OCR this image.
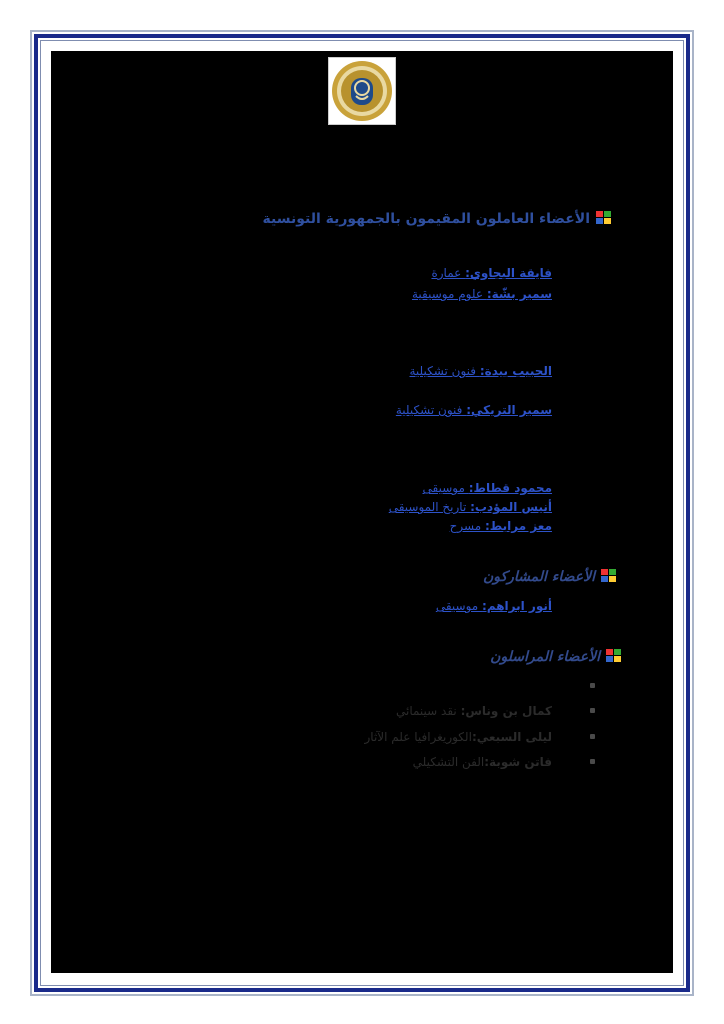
الأعضاء العاملون المقيمون بالجمهورية التونسية
فايقة البجاوي: عمارة
سمير بشّة: علوم موسيقية
الحبيب بيدة: فنون تشكيلية
سمير التريكي: فنون تشكيلية
محمود قطاط: موسيقى
أنيس المؤدب: تاريخ الموسيقى
معز مرابط: مسرح
الأعضاء المشاركون
أنور ابراهم: موسيقى
الأعضاء المراسلون
كمال بن وناس: نقد سينمائي
ليلى السبعي:الكوريغرافيا علم الآثار
فاتن شوبة:الفن التشكيلي
